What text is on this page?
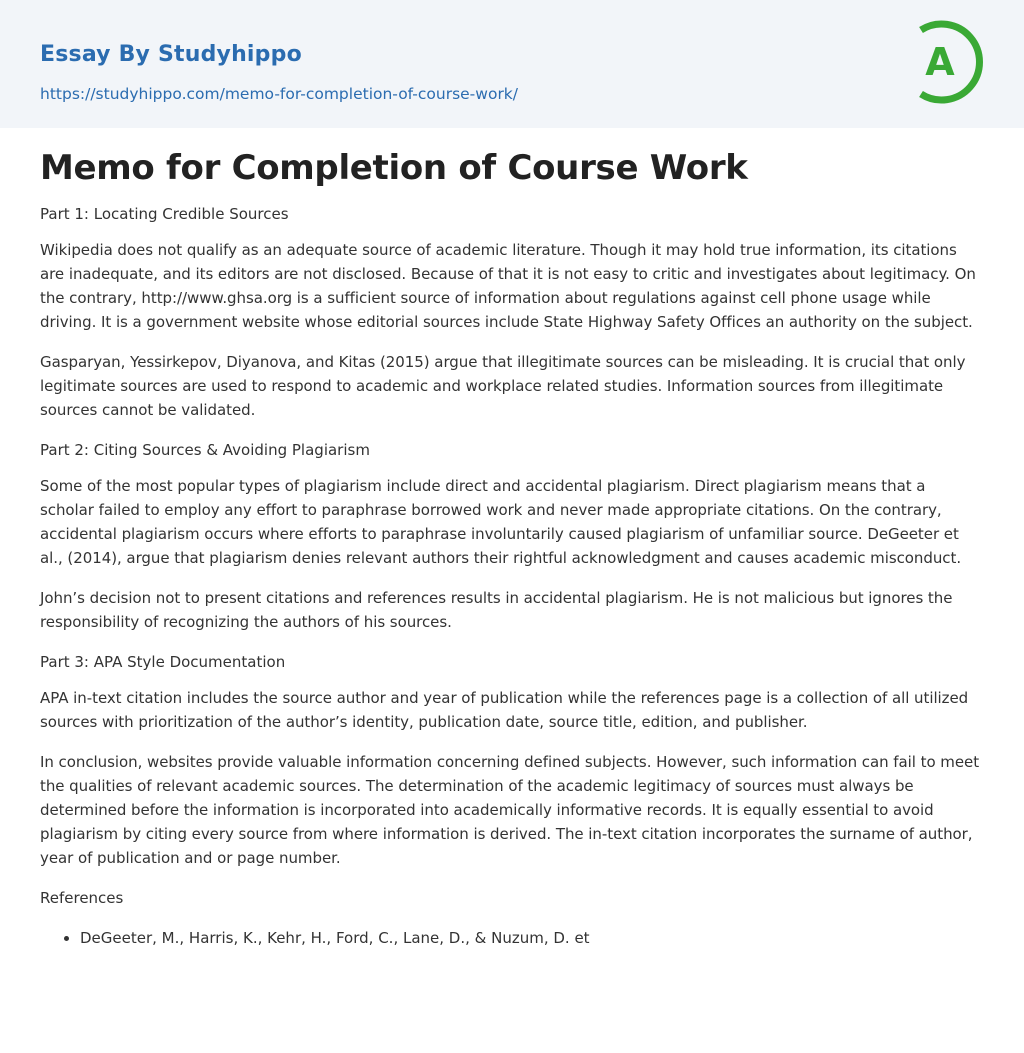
Essay By Studyhippo
https://studyhippo.com/memo-for-completion-of-course-work/
A
Memo for Completion of Course Work
Part 1: Locating Credible Sources

Wikipedia does not qualify as an adequate source of academic literature. Though it may hold true information, its citations are inadequate, and its editors are not disclosed. Because of that it is not easy to critic and investigates about legitimacy. On the contrary, http://www.ghsa.org is a sufficient source of information about regulations against cell phone usage while driving. It is a government website whose editorial sources include State Highway Safety Offices an authority on the subject.

Gasparyan, Yessirkepov, Diyanova, and Kitas (2015) argue that illegitimate sources can be misleading. It is crucial that only legitimate sources are used to respond to academic and workplace related studies. Information sources from illegitimate sources cannot be validated.

Part 2: Citing Sources & Avoiding Plagiarism

Some of the most popular types of plagiarism include direct and accidental plagiarism. Direct plagiarism means that a scholar failed to employ any effort to paraphrase borrowed work and never made appropriate citations. On the contrary, accidental plagiarism occurs where efforts to paraphrase involuntarily caused plagiarism of unfamiliar source. DeGeeter et al., (2014), argue that plagiarism denies relevant authors their rightful acknowledgment and causes academic misconduct.

John’s decision not to present citations and references results in accidental plagiarism. He is not malicious but ignores the responsibility of recognizing the authors of his sources.

Part 3: APA Style Documentation

APA in-text citation includes the source author and year of publication while the references page is a collection of all utilized sources with prioritization of the author’s identity, publication date, source title, edition, and publisher.

In conclusion, websites provide valuable information concerning defined subjects. However, such information can fail to meet the qualities of relevant academic sources. The determination of the academic legitimacy of sources must always be determined before the information is incorporated into academically informative records. It is equally essential to avoid plagiarism by citing every source from where information is derived. The in-text citation incorporates the surname of author, year of publication and or page number.

References
• DeGeeter, M., Harris, K., Kehr, H., Ford, C., Lane, D., & Nuzum, D. et
